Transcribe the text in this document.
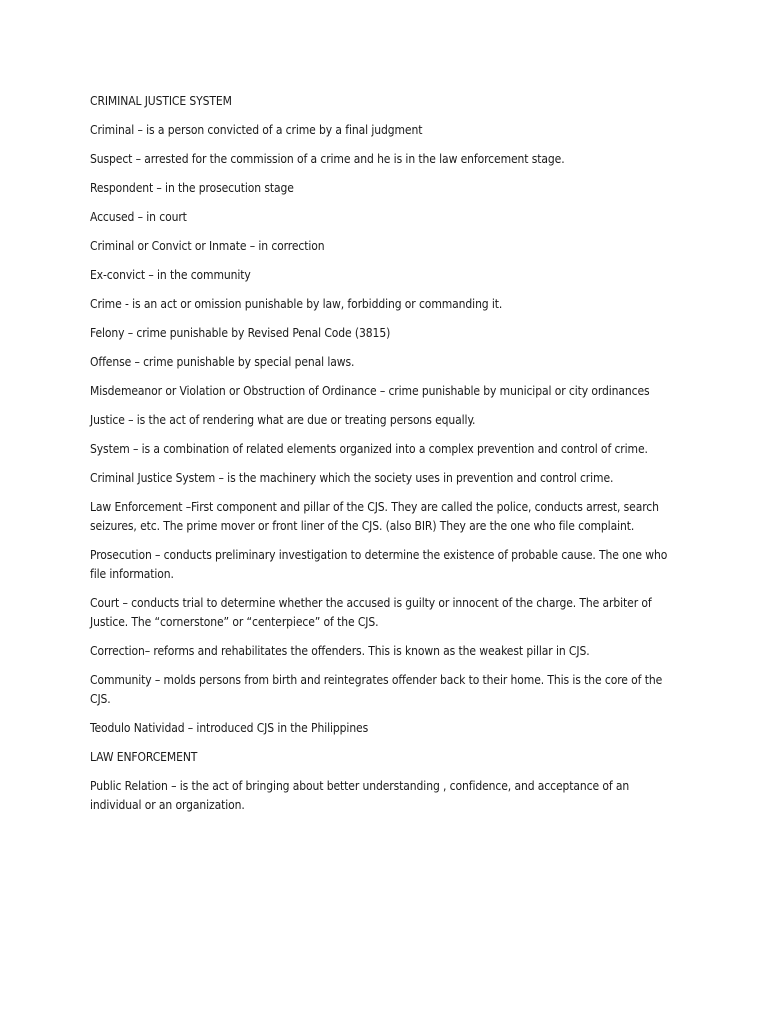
CRIMINAL JUSTICE SYSTEM

Criminal – is a person convicted of a crime by a final judgment

Suspect – arrested for the commission of a crime and he is in the law enforcement stage.

Respondent – in the prosecution stage

Accused – in court

Criminal or Convict or Inmate – in correction

Ex-convict – in the community

Crime - is an act or omission punishable by law, forbidding or commanding it.

Felony – crime punishable by Revised Penal Code (3815)

Offense – crime punishable by special penal laws.

Misdemeanor or Violation or Obstruction of Ordinance – crime punishable by municipal or city ordinances

Justice – is the act of rendering what are due or treating persons equally.

System – is a combination of related elements organized into a complex prevention and control of crime.

Criminal Justice System – is the machinery which the society uses in prevention and control crime.

Law Enforcement –First component and pillar of the CJS. They are called the police, conducts arrest, search seizures, etc. The prime mover or front liner of the CJS. (also BIR) They are the one who file complaint.

Prosecution – conducts preliminary investigation to determine the existence of probable cause. The one who file information.

Court – conducts trial to determine whether the accused is guilty or innocent of the charge. The arbiter of Justice. The “cornerstone” or “centerpiece” of the CJS.

Correction– reforms and rehabilitates the offenders. This is known as the weakest pillar in CJS.

Community – molds persons from birth and reintegrates offender back to their home. This is the core of the CJS.

Teodulo Natividad – introduced CJS in the Philippines

LAW ENFORCEMENT

Public Relation – is the act of bringing about better understanding , confidence, and acceptance of an individual or an organization.
